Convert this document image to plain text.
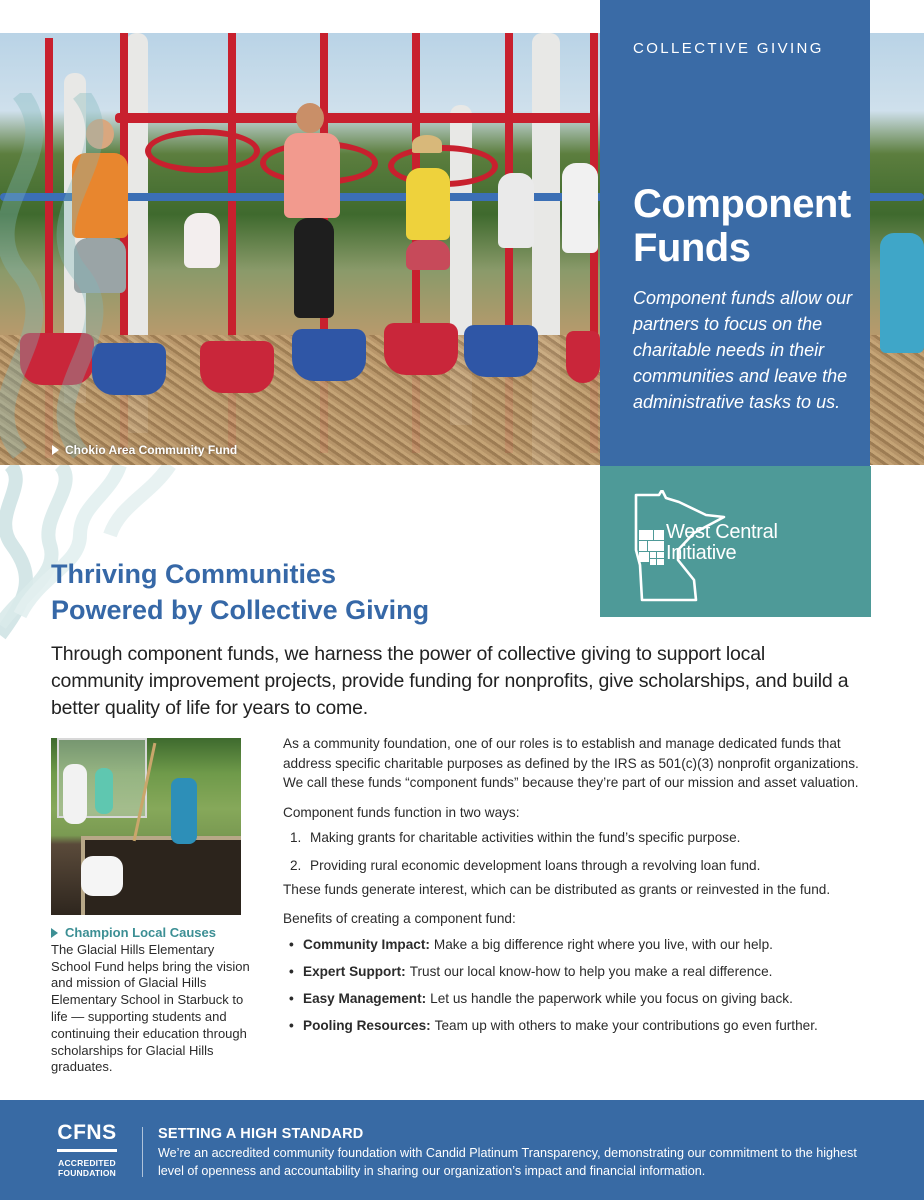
Chokio Area Community Fund
COLLECTIVE GIVING
Component
Funds
Component funds allow our partners to focus on the charitable needs in their communities and leave the administrative tasks to us.
West Central
Initiative
Thriving Communities
Powered by Collective Giving
Through component funds, we harness the power of collective giving to support local community improvement projects, provide funding for nonprofits, give scholarships, and build a better quality of life for years to come.
Champion Local Causes
The Glacial Hills Elementary School Fund helps bring the vision and mission of Glacial Hills Elementary School in Starbuck to life — supporting students and continuing their education through scholarships for Glacial Hills graduates.

As a community foundation, one of our roles is to establish and manage dedicated funds that address specific charitable purposes as defined by the IRS as 501(c)(3) nonprofit organizations. We call these funds “component funds” because they’re part of our mission and asset valuation.

Component funds function in two ways:

1. Making grants for charitable activities within the fund’s specific purpose.
2. Providing rural economic development loans through a revolving loan fund.

These funds generate interest, which can be distributed as grants or reinvested in the fund.

Benefits of creating a component fund:

• Community Impact: Make a big difference right where you live, with our help.
• Expert Support: Trust our local know-how to help you make a real difference.
• Easy Management: Let us handle the paperwork while you focus on giving back.
• Pooling Resources: Team up with others to make your contributions go even further.
CFNS
ACCREDITED
FOUNDATION
SETTING A HIGH STANDARD
We’re an accredited community foundation with Candid Platinum Transparency, demonstrating our commitment to the highest level of openness and accountability in sharing our organization’s impact and financial information.
